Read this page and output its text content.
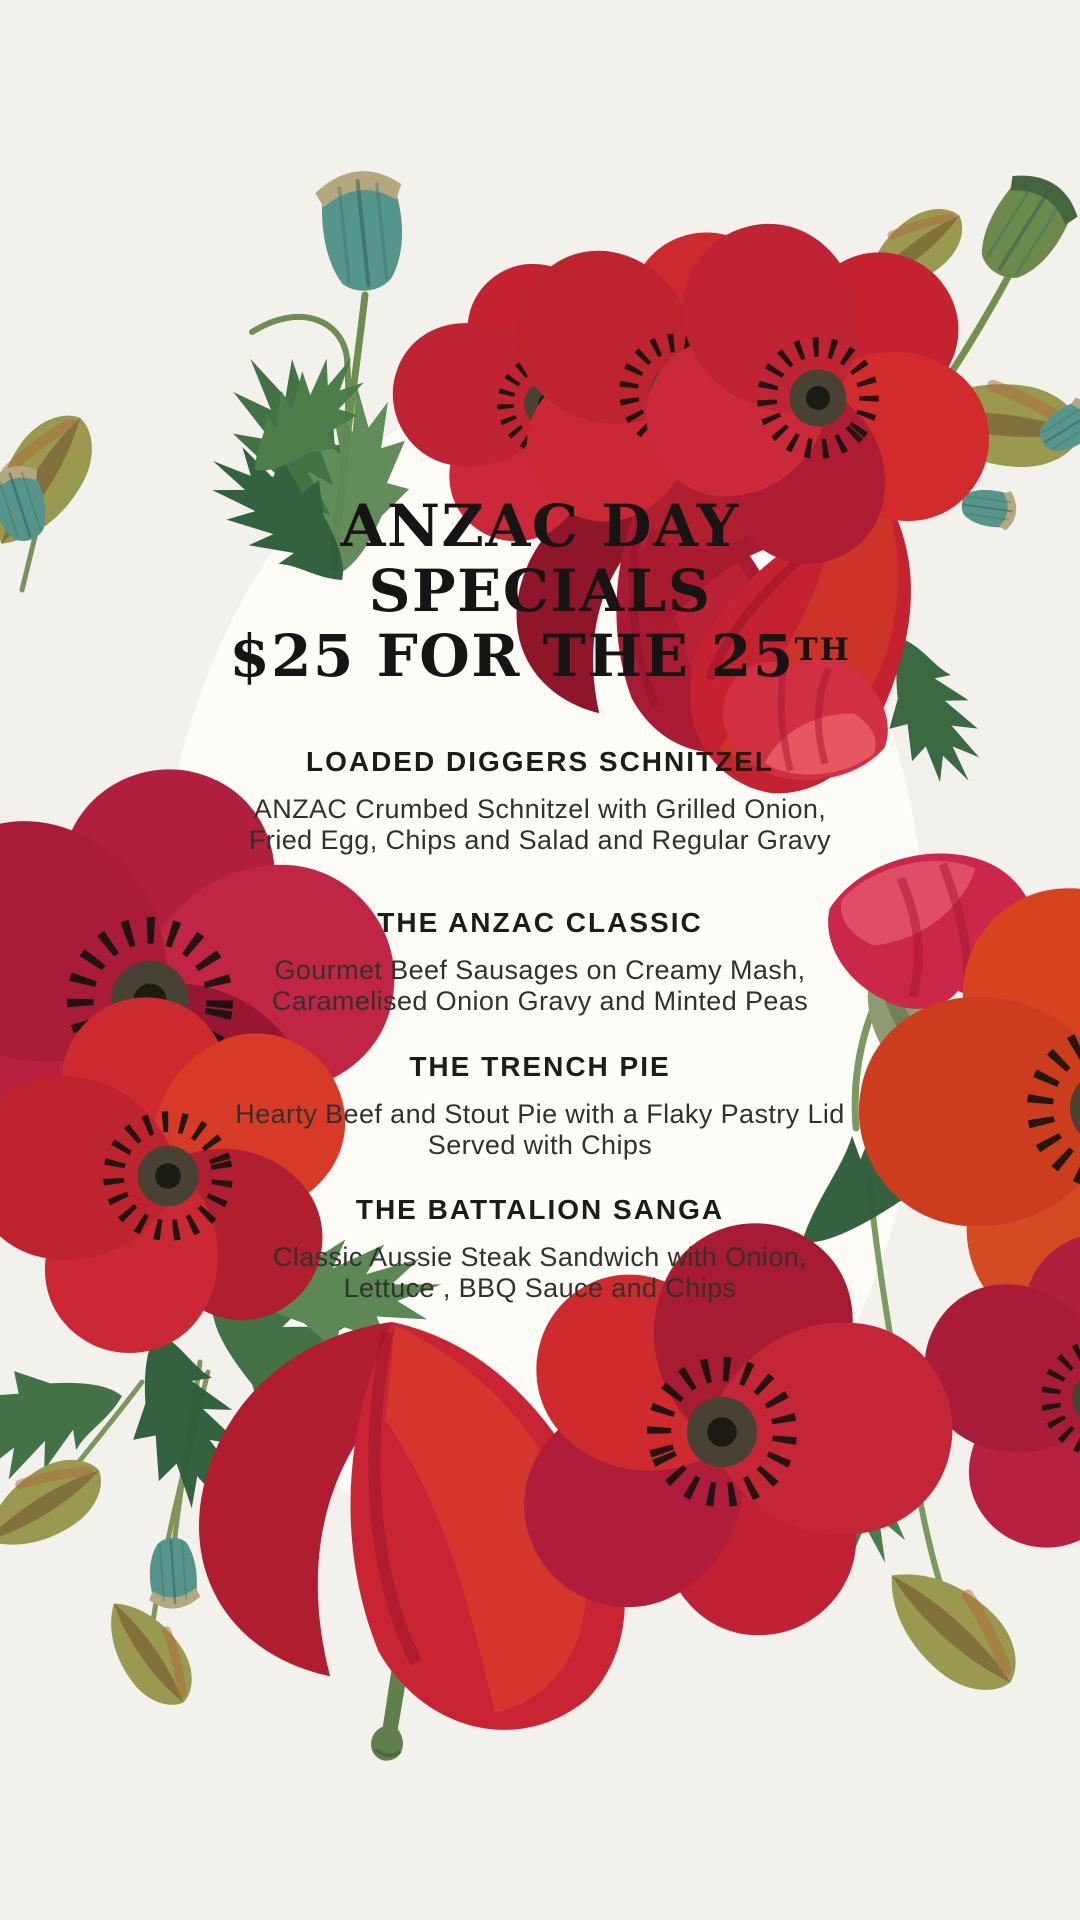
ANZAC DAY
SPECIALS
$25 FOR THE 25TH
LOADED DIGGERS SCHNITZEL
ANZAC Crumbed Schnitzel with Grilled Onion,
Fried Egg, Chips and Salad and Regular Gravy
THE ANZAC CLASSIC
Gourmet Beef Sausages on Creamy Mash,
Caramelised Onion Gravy and Minted Peas
THE TRENCH PIE
Hearty Beef and Stout Pie with a Flaky Pastry Lid
Served with Chips
THE BATTALION SANGA
Classic Aussie Steak Sandwich with Onion,
Lettuce , BBQ Sauce and Chips
